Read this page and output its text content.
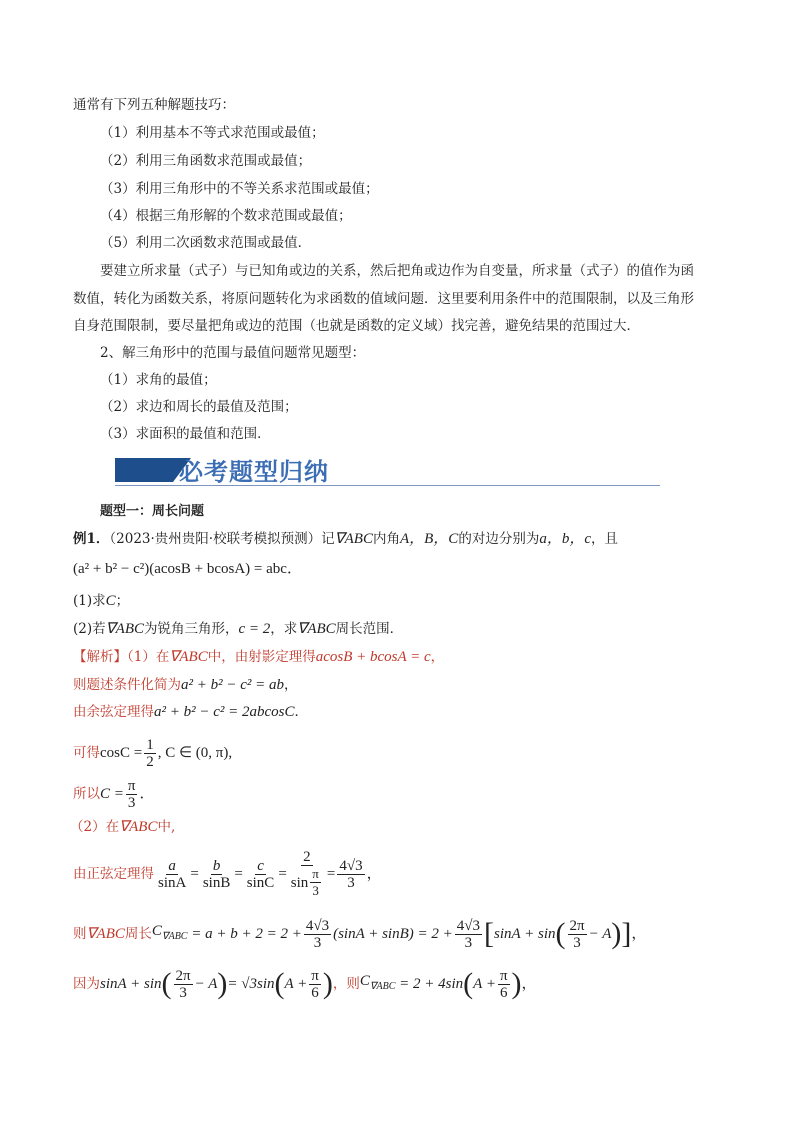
通常有下列五种解题技巧：
（1）利用基本不等式求范围或最值；
（2）利用三角函数求范围或最值；
（3）利用三角形中的不等关系求范围或最值；
（4）根据三角形解的个数求范围或最值；
（5）利用二次函数求范围或最值．
要建立所求量（式子）与已知角或边的关系，然后把角或边作为自变量，所求量（式子）的值作为函
数值，转化为函数关系，将原问题转化为求函数的值域问题．这里要利用条件中的范围限制，以及三角形
自身范围限制，要尽量把角或边的范围（也就是函数的定义域）找完善，避免结果的范围过大．
2、解三角形中的范围与最值问题常见题型：
（1）求角的最值；
（2）求边和周长的最值及范围；
（3）求面积的最值和范围．
必考题型归纳
题型一：周长问题
例1．（2023·贵州贵阳·校联考模拟预测）记∇ABC内角A，B，C的对边分别为a，b，c，且
(a² + b² − c²)(acosB + bcosA) = abc．
(1)求C；
(2)若∇ABC为锐角三角形，c = 2，求∇ABC周长范围．
【解析】（1）在∇ABC中，由射影定理得acosB + bcosA = c，
则题述条件化简为a² + b² − c² = ab，
由余弦定理得a² + b² − c² = 2abcosC．
可得 $\cos C = \frac{1}{2}$ , C ∈ (0, π),
所以 $C = \frac{\pi}{3}$ ．
（2）在∇ABC中,
由正弦定理得 $\frac{a}{\sin A} = \frac{b}{\sin B} = \frac{c}{\sin C} = \frac{2}{\sin \frac{\pi}{3}} = \frac{4√3}{3}$ ，
则 ∇ABC 周长 $C_{\nabla ABC}$
= $a + b + 2 = 2 + \frac{4√3}{3} (\sin A + \sin B) = 2 + \frac{4√3}{3}$ [ sinA + sin ( $\frac{2\pi}{3} - A$ ) ] ，
因为 sinA + sin ( $\frac{2\pi}{3} - A$ ) = √3sin ( $A + \frac{\pi}{6}$ ) ，则 $C_{\nabla ABC}$
= 2 + 4sin ( $A + \frac{\pi}{6}$ ) ，
